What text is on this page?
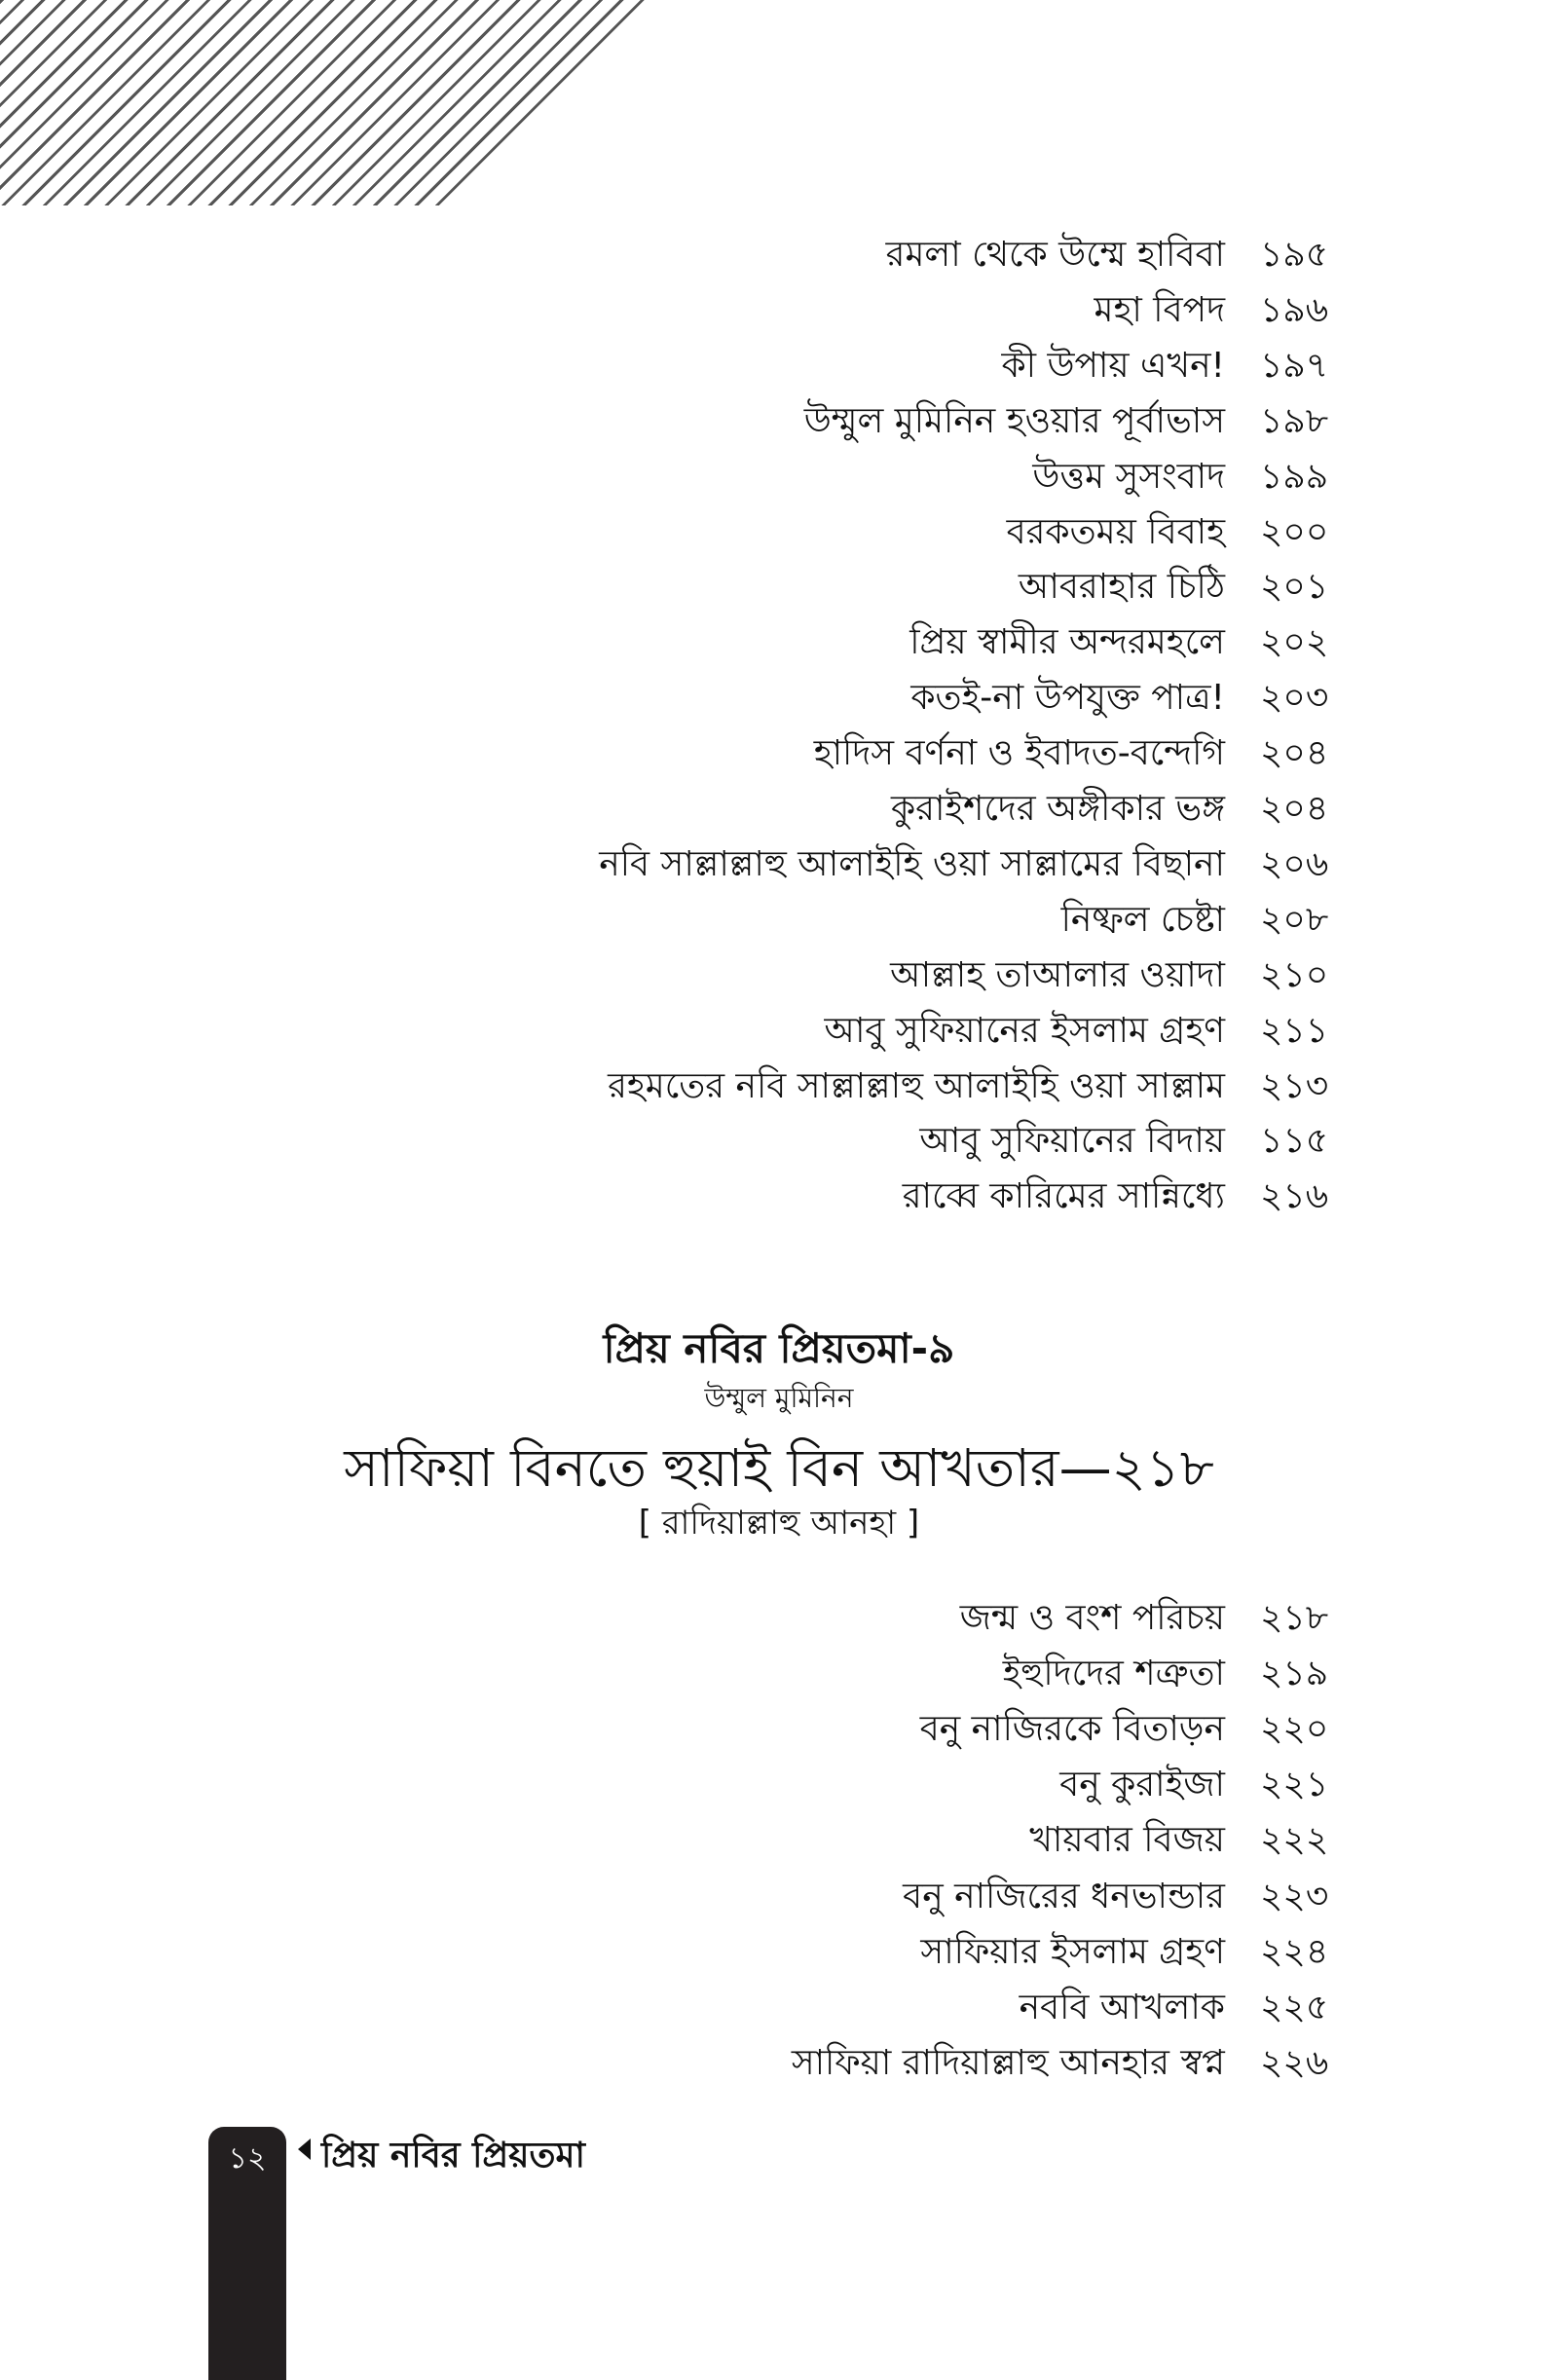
রমলা থেকে উম্মে হাবিবা ১৯৫
মহা বিপদ ১৯৬
কী উপায় এখন! ১৯৭
উম্মুল মুমিনিন হওয়ার পূর্বাভাস ১৯৮
উত্তম সুসংবাদ ১৯৯
বরকতময় বিবাহ ২০০
আবরাহার চিঠি ২০১
প্রিয় স্বামীর অন্দরমহলে ২০২
কতই-না উপযুক্ত পাত্র! ২০৩
হাদিস বর্ণনা ও ইবাদত-বন্দেগি ২০৪
কুরাইশদের অঙ্গীকার ভঙ্গ ২০৪
নবি সাল্লাল্লাহু আলাইহি ওয়া সাল্লামের বিছানা ২০৬
নিষ্ফল চেষ্টা ২০৮
আল্লাহ তাআলার ওয়াদা ২১০
আবু সুফিয়ানের ইসলাম গ্রহণ ২১১
রহমতের নবি সাল্লাল্লাহু আলাইহি ওয়া সাল্লাম ২১৩
আবু সুফিয়ানের বিদায় ১১৫
রাব্বে কারিমের সান্নিধ্যে ২১৬
প্রিয় নবির প্রিয়তমা-৯
উম্মুল মুমিনিন
সাফিয়া বিনতে হুয়াই বিন আখতার—২১৮
[ রাদিয়াল্লাহু আনহা ]
জন্ম ও বংশ পরিচয় ২১৮
ইহুদিদের শত্রুতা ২১৯
বনু নাজিরকে বিতাড়ন ২২০
বনু কুরাইজা ২২১
খায়বার বিজয় ২২২
বনু নাজিরের ধনভান্ডার ২২৩
সাফিয়ার ইসলাম গ্রহণ ২২৪
নববি আখলাক ২২৫
সাফিয়া রাদিয়াল্লাহু আনহার স্বপ্ন ২২৬
১২	প্রিয় নবির প্রিয়তমা
